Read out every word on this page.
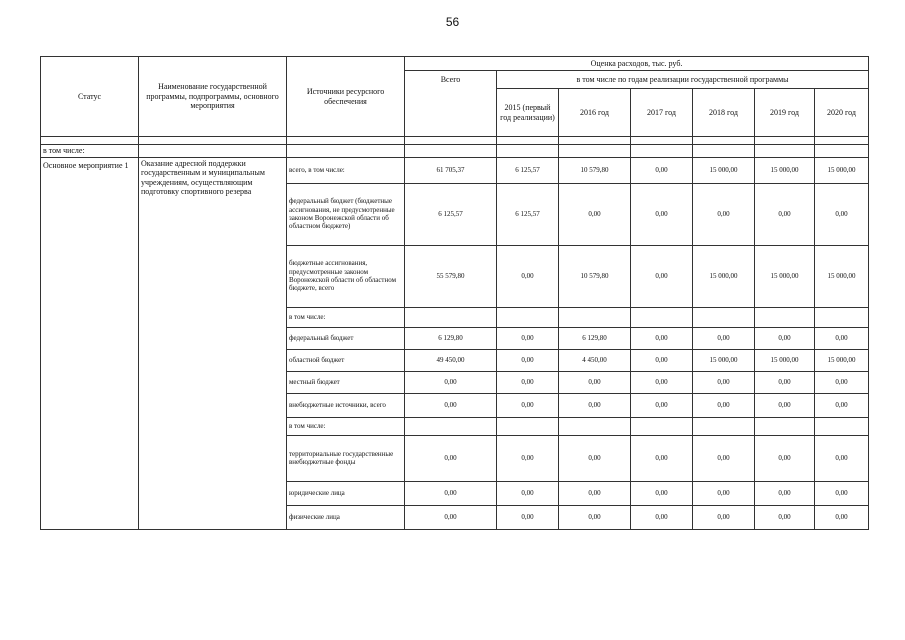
56
Статус	Наименование государственной программы, подпрограммы, основного мероприятия	Источники ресурсного обеспечения	Оценка расходов, тыс. руб.						
			Всего	в том числе по годам реализации государственной программы					
				2015 (первый год реализации)	2016 год	2017 год	2018 год	2019 год	2020 год

в том числе:									
Основное мероприятие 1	Оказание адресной поддержки государственным и муниципальным учреждениям, осуществляющим подготовку спортивного резерва	всего, в том числе:	61 705,37	6 125,57	10 579,80	0,00	15 000,00	15 000,00	15 000,00
		федеральный бюджет (бюджетные ассигнования, не предусмотренные законом Воронежской области об областном бюджете)	6 125,57	6 125,57	0,00	0,00	0,00	0,00	0,00
		бюджетные ассигнования, предусмотренные законом Воронежской области об областном бюджете, всего	55 579,80	0,00	10 579,80	0,00	15 000,00	15 000,00	15 000,00
		в том числе:							
		федеральный бюджет	6 129,80	0,00	6 129,80	0,00	0,00	0,00	0,00
		областной бюджет	49 450,00	0,00	4 450,00	0,00	15 000,00	15 000,00	15 000,00
		местный бюджет	0,00	0,00	0,00	0,00	0,00	0,00	0,00
		внебюджетные источники, всего	0,00	0,00	0,00	0,00	0,00	0,00	0,00
		в том числе:							
		территориальные государственные внебюджетные фонды	0,00	0,00	0,00	0,00	0,00	0,00	0,00
		юридические лица	0,00	0,00	0,00	0,00	0,00	0,00	0,00
		физические лица	0,00	0,00	0,00	0,00	0,00	0,00	0,00
